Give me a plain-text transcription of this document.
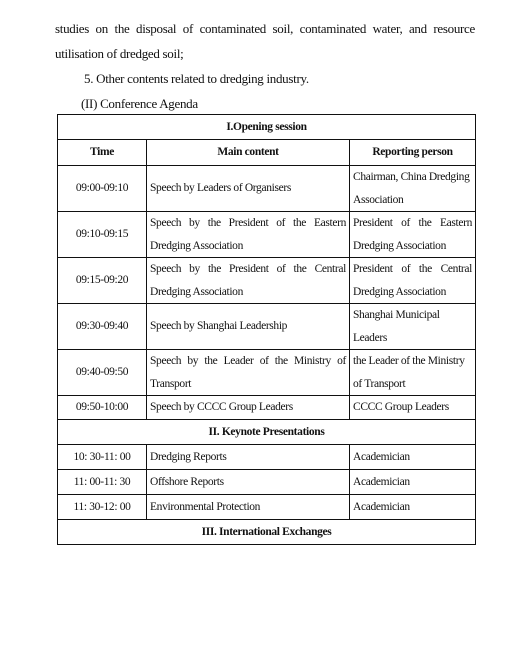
studies on the disposal of contaminated soil, contaminated water, and resource
utilisation of dredged soil;
5. Other contents related to dredging industry.
(II) Conference Agenda
I.Opening session		
Time	Main content	Reporting person
09:00-09:10	Speech by Leaders of Organisers	Chairman, China Dredging Association
09:10-09:15	Speech by the President of the Eastern Dredging Association	President of the Eastern Dredging Association
09:15-09:20	Speech by the President of the Central Dredging Association	President of the Central Dredging Association
09:30-09:40	Speech by Shanghai Leadership	Shanghai Municipal Leaders
09:40-09:50	Speech by the Leader of the Ministry of Transport	the Leader of the Ministry of Transport
09:50-10:00	Speech by CCCC Group Leaders	CCCC Group Leaders
II. Keynote Presentations		
10: 30-11: 00	Dredging Reports	Academician
11: 00-11: 30	Offshore Reports	Academician
11: 30-12: 00	Environmental Protection	Academician
III. International Exchanges		
